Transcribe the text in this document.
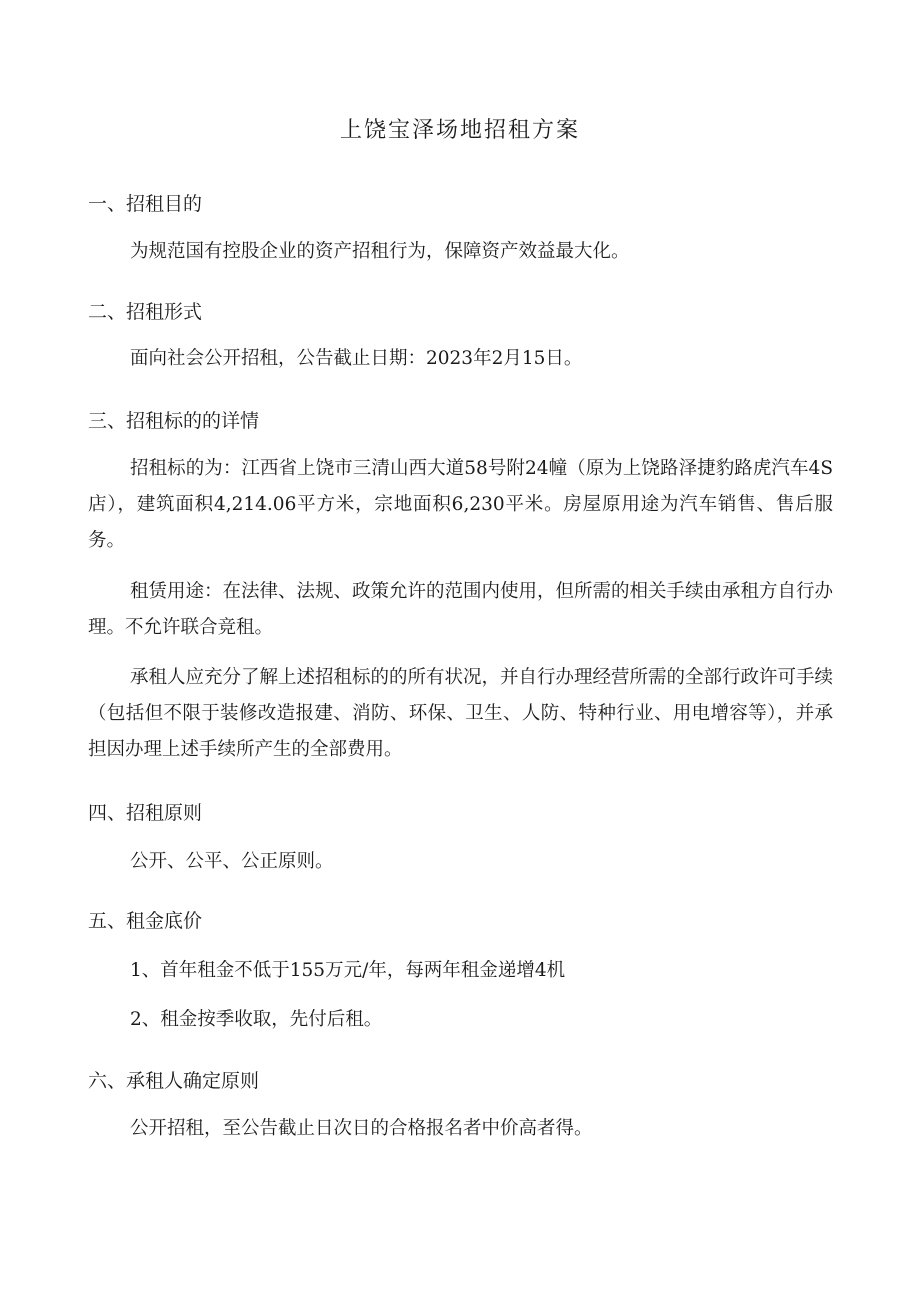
上饶宝泽场地招租方案
一、招租目的
为规范国有控股企业的资产招租行为，保障资产效益最大化。
二、招租形式
面向社会公开招租，公告截止日期：2023年2月15日。
三、招租标的的详情
招租标的为：江西省上饶市三清山西大道58号附24幢（原为上饶路泽捷豹路虎汽车4S店），建筑面积4,214.06平方米，宗地面积6,230平米。房屋原用途为汽车销售、售后服务。
租赁用途：在法律、法规、政策允许的范围内使用，但所需的相关手续由承租方自行办理。不允许联合竞租。
承租人应充分了解上述招租标的的所有状况，并自行办理经营所需的全部行政许可手续（包括但不限于装修改造报建、消防、环保、卫生、人防、特种行业、用电增容等），并承担因办理上述手续所产生的全部费用。
四、招租原则
公开、公平、公正原则。
五、租金底价
1、首年租金不低于155万元/年，每两年租金递增4机
2、租金按季收取，先付后租。
六、承租人确定原则
公开招租，至公告截止日次日的合格报名者中价高者得。
